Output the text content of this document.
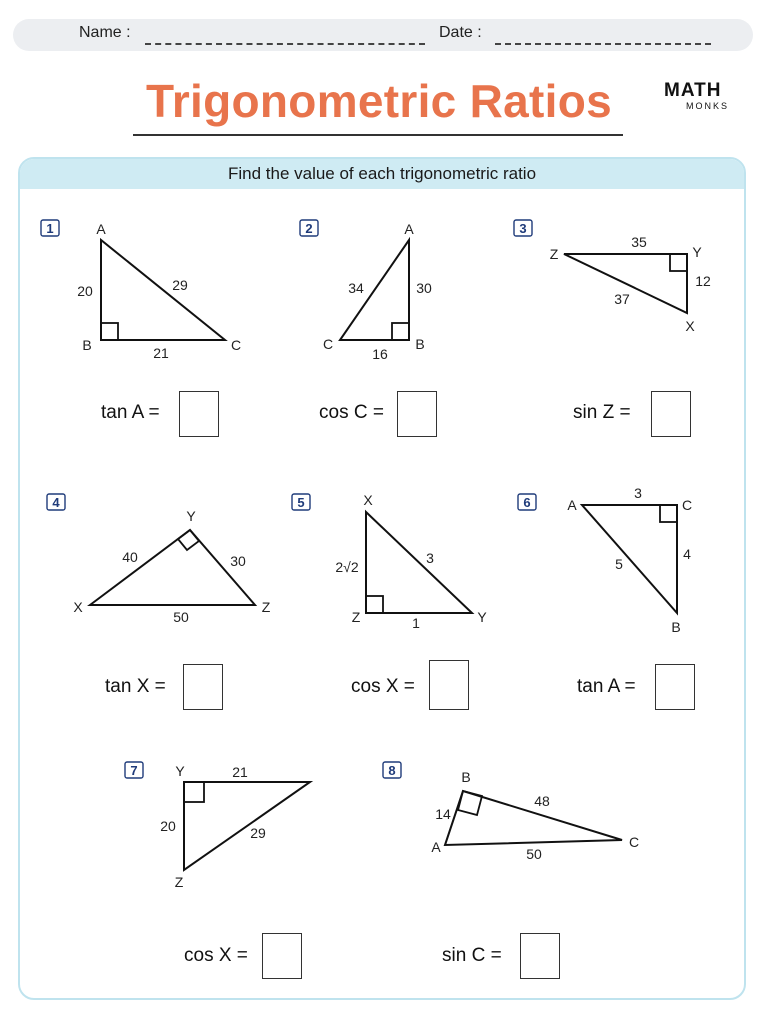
Name :	Date :
Trigonometric Ratios	MATH
MONKS
Find the value of each trigonometric ratio
1	A
B	C
20
21
29
2	A
B
C
34	30
16
3
Z	Y
X
35
12
37
4
Y
X	Z
40	30
50
5	X
Z	Y
2√2
3
1
6	A	C
B
3
5
4
7	Y
Z
21
20	29
8	B
A	C
14
48
50
tan A =	cos C =	sin Z =
tan X =	cos X =	tan A =
cos X =	sin C =
